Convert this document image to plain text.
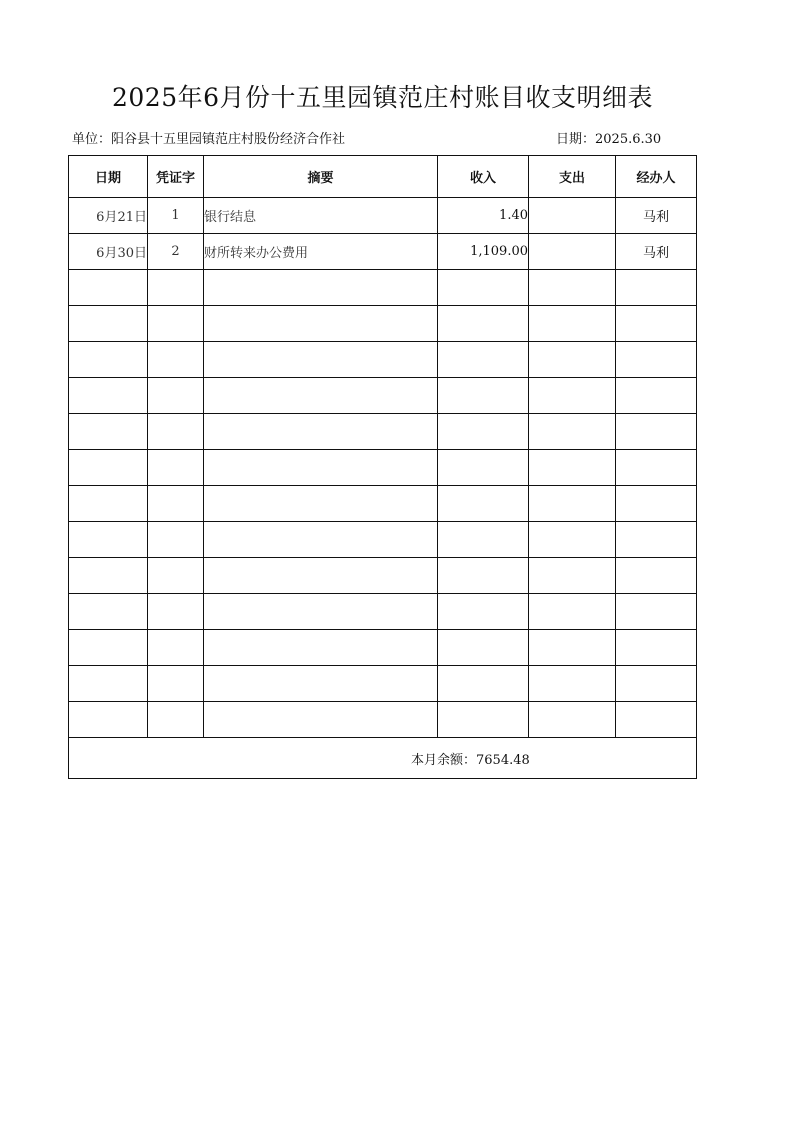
2025年6月份十五里园镇范庄村账目收支明细表
单位：阳谷县十五里园镇范庄村股份经济合作社	日期：2025.6.30
日期	凭证字	摘要	收入	支出	经办人
6月21日	1	银行结息	1.40		马利
6月30日	2	财所转来办公费用	1,109.00		马利

本月余额：7654.48					
